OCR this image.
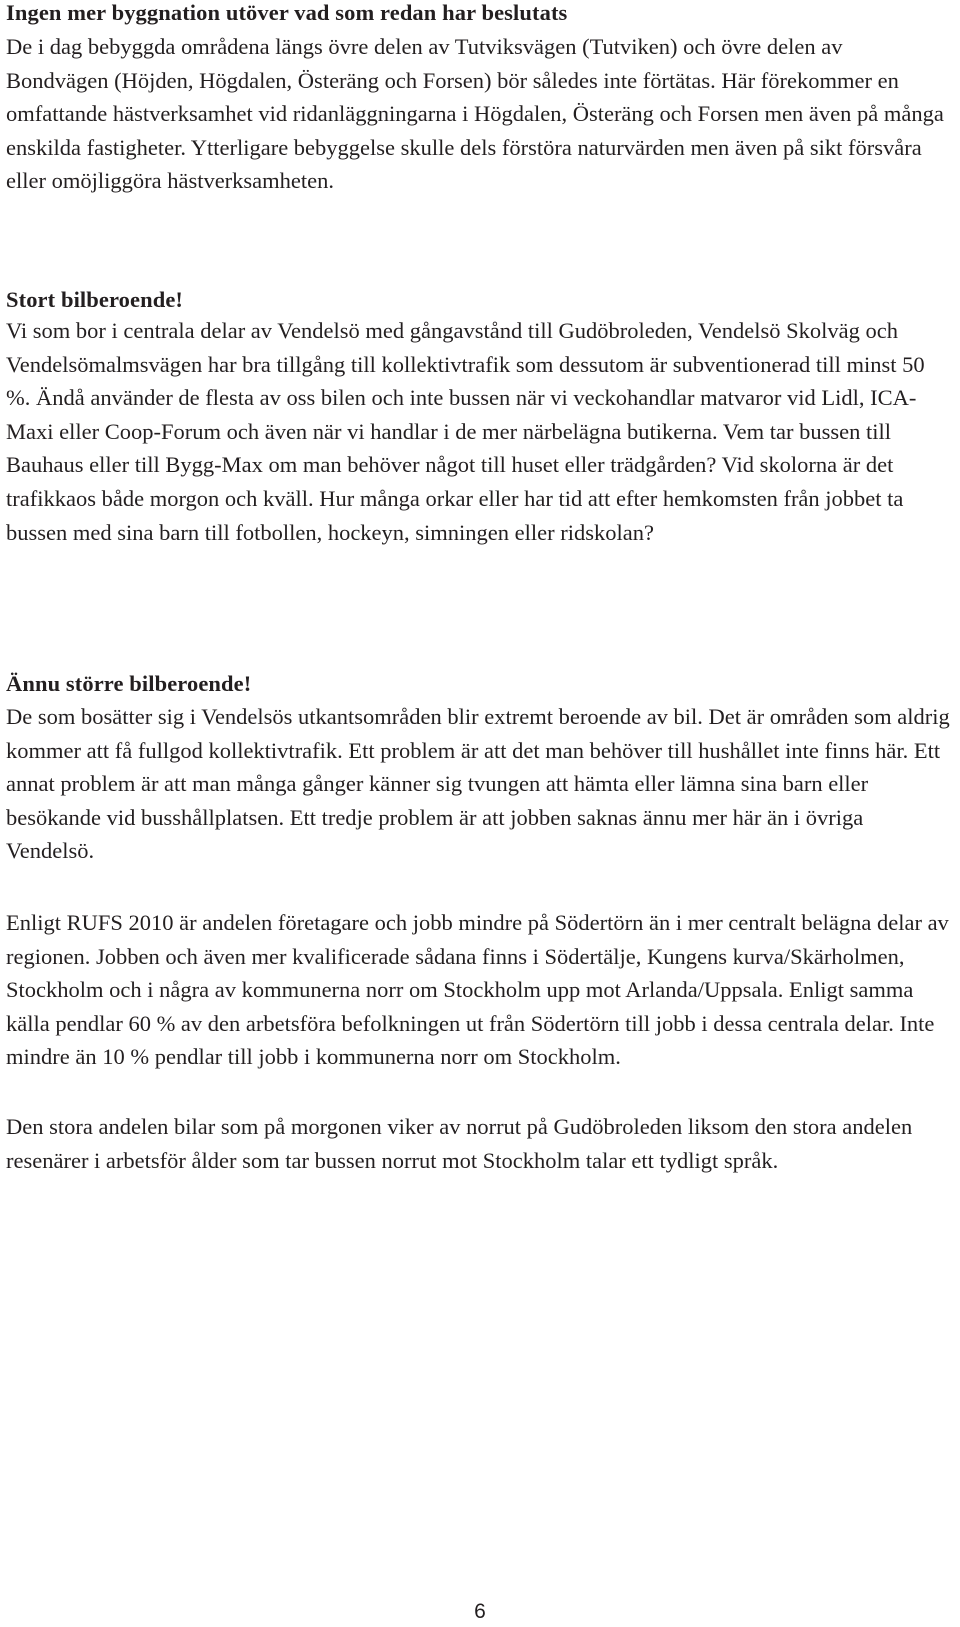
Ingen mer byggnation utöver vad som redan har beslutats

De i dag bebyggda områdena längs övre delen av Tutviksvägen (Tutviken) och övre delen av Bondvägen (Höjden, Högdalen, Österäng och Forsen) bör således inte förtätas. Här förekommer en omfattande hästverksamhet vid ridanläggningarna i Högdalen, Österäng och Forsen men även på många enskilda fastigheter. Ytterligare bebyggelse skulle dels förstöra naturvärden men även på sikt försvåra eller omöjliggöra hästverksamheten.

Stort bilberoende!

Vi som bor i centrala delar av Vendelsö med gångavstånd till Gudöbroleden, Vendelsö Skolväg och Vendelsömalmsvägen har bra tillgång till kollektivtrafik som dessutom är subventionerad till minst 50 %. Ändå använder de flesta av oss bilen och inte bussen när vi veckohandlar matvaror vid Lidl, ICA-Maxi eller Coop-Forum och även när vi handlar i de mer närbelägna butikerna. Vem tar bussen till Bauhaus eller till Bygg-Max om man behöver något till huset eller trädgården? Vid skolorna är det trafikkaos både morgon och kväll. Hur många orkar eller har tid att efter hemkomsten från jobbet ta bussen med sina barn till fotbollen, hockeyn, simningen eller ridskolan?

Ännu större bilberoende!

De som bosätter sig i Vendelsös utkantsområden blir extremt beroende av bil. Det är områden som aldrig kommer att få fullgod kollektivtrafik. Ett problem är att det man behöver till hushållet inte finns här. Ett annat problem är att man många gånger känner sig tvungen att hämta eller lämna sina barn eller besökande vid busshållplatsen. Ett tredje problem är att jobben saknas ännu mer här än i övriga Vendelsö.

Enligt RUFS 2010 är andelen företagare och jobb mindre på Södertörn än i mer centralt belägna delar av regionen. Jobben och även mer kvalificerade sådana finns i Södertälje, Kungens kurva/Skärholmen, Stockholm och i några av kommunerna norr om Stockholm upp mot Arlanda/Uppsala. Enligt samma källa pendlar 60 % av den arbetsföra befolkningen ut från Södertörn till jobb i dessa centrala delar. Inte mindre än 10 % pendlar till jobb i kommunerna norr om Stockholm.

Den stora andelen bilar som på morgonen viker av norrut på Gudöbroleden liksom den stora andelen resenärer i arbetsför ålder som tar bussen norrut mot Stockholm talar ett tydligt språk.

6
